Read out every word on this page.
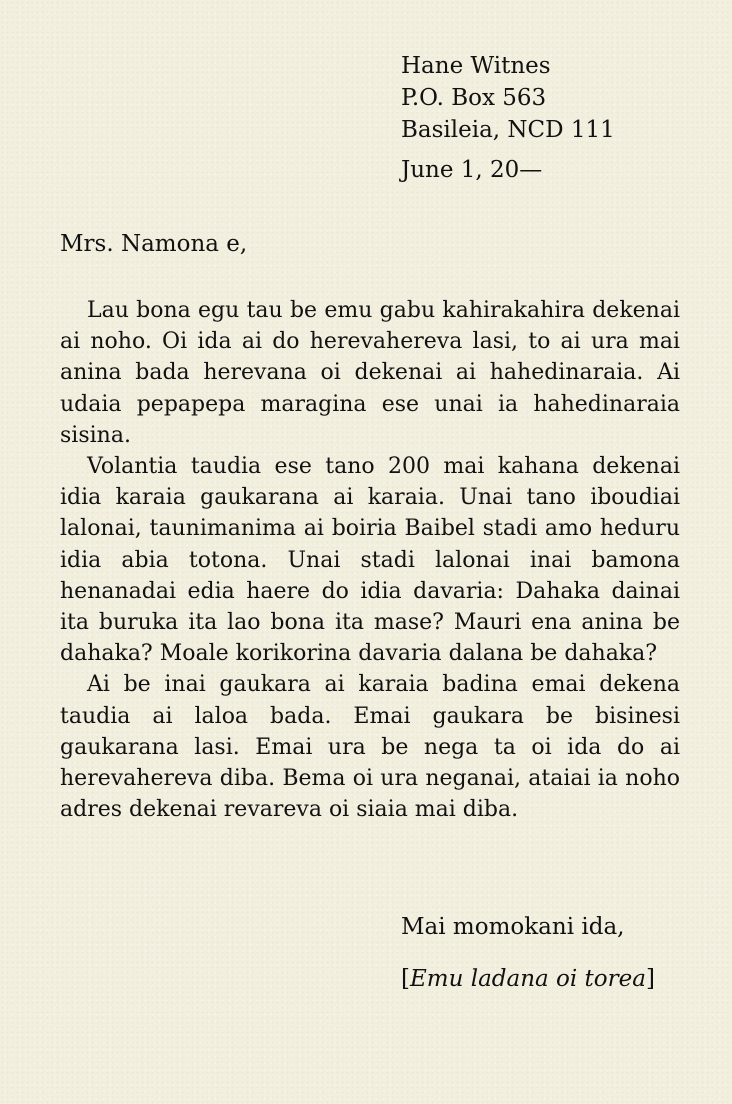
Hane Witnes
P.O. Box 563
Basileia, NCD 111
June 1, 20—
Mrs. Namona e,

Lau bona egu tau be emu gabu kahirakahira dekenai ai noho. Oi ida ai do herevahereva lasi, to ai ura mai anina bada herevana oi dekenai ai hahedinaraia. Ai udaia pepapepa maragina ese unai ia hahedinaraia sisina.

Volantia taudia ese tano 200 mai kahana dekenai idia karaia gaukarana ai karaia. Unai tano iboudiai lalonai, taunimanima ai boiria Baibel stadi amo heduru idia abia totona. Unai stadi lalonai inai bamona henanadai edia haere do idia davaria: Dahaka dainai ita buruka ita lao bona ita mase? Mauri ena anina be dahaka? Moale korikorina davaria dalana be dahaka?

Ai be inai gaukara ai karaia badina emai dekena taudia ai laloa bada. Emai gaukara be bisinesi gaukarana lasi. Emai ura be nega ta oi ida do ai herevahereva diba. Bema oi ura neganai, ataiai ia noho adres dekenai revareva oi siaia mai diba.

Mai momokani ida,
[Emu ladana oi torea]
